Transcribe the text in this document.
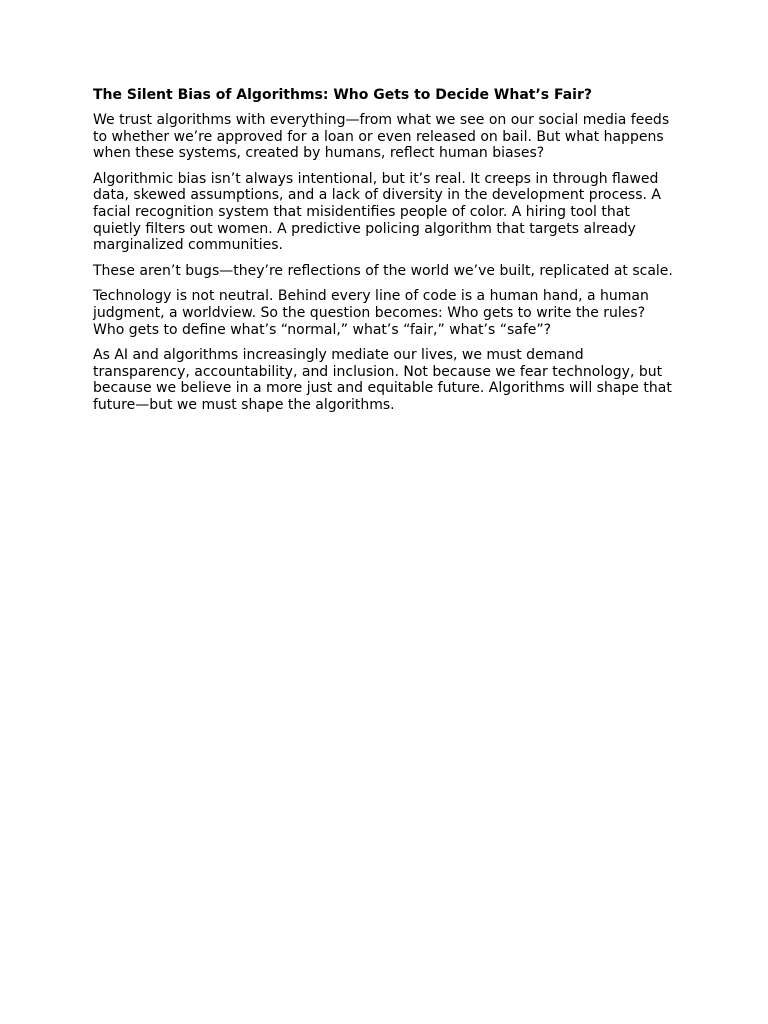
The Silent Bias of Algorithms: Who Gets to Decide What’s Fair?

We trust algorithms with everything—from what we see on our social media feeds to whether we’re approved for a loan or even released on bail. But what happens when these systems, created by humans, reflect human biases?

Algorithmic bias isn’t always intentional, but it’s real. It creeps in through flawed data, skewed assumptions, and a lack of diversity in the development process. A facial recognition system that misidentifies people of color. A hiring tool that quietly filters out women. A predictive policing algorithm that targets already marginalized communities.

These aren’t bugs—they’re reflections of the world we’ve built, replicated at scale.

Technology is not neutral. Behind every line of code is a human hand, a human judgment, a worldview. So the question becomes: Who gets to write the rules? Who gets to define what’s “normal,” what’s “fair,” what’s “safe”?

As AI and algorithms increasingly mediate our lives, we must demand transparency, accountability, and inclusion. Not because we fear technology, but because we believe in a more just and equitable future. Algorithms will shape that future—but we must shape the algorithms.
